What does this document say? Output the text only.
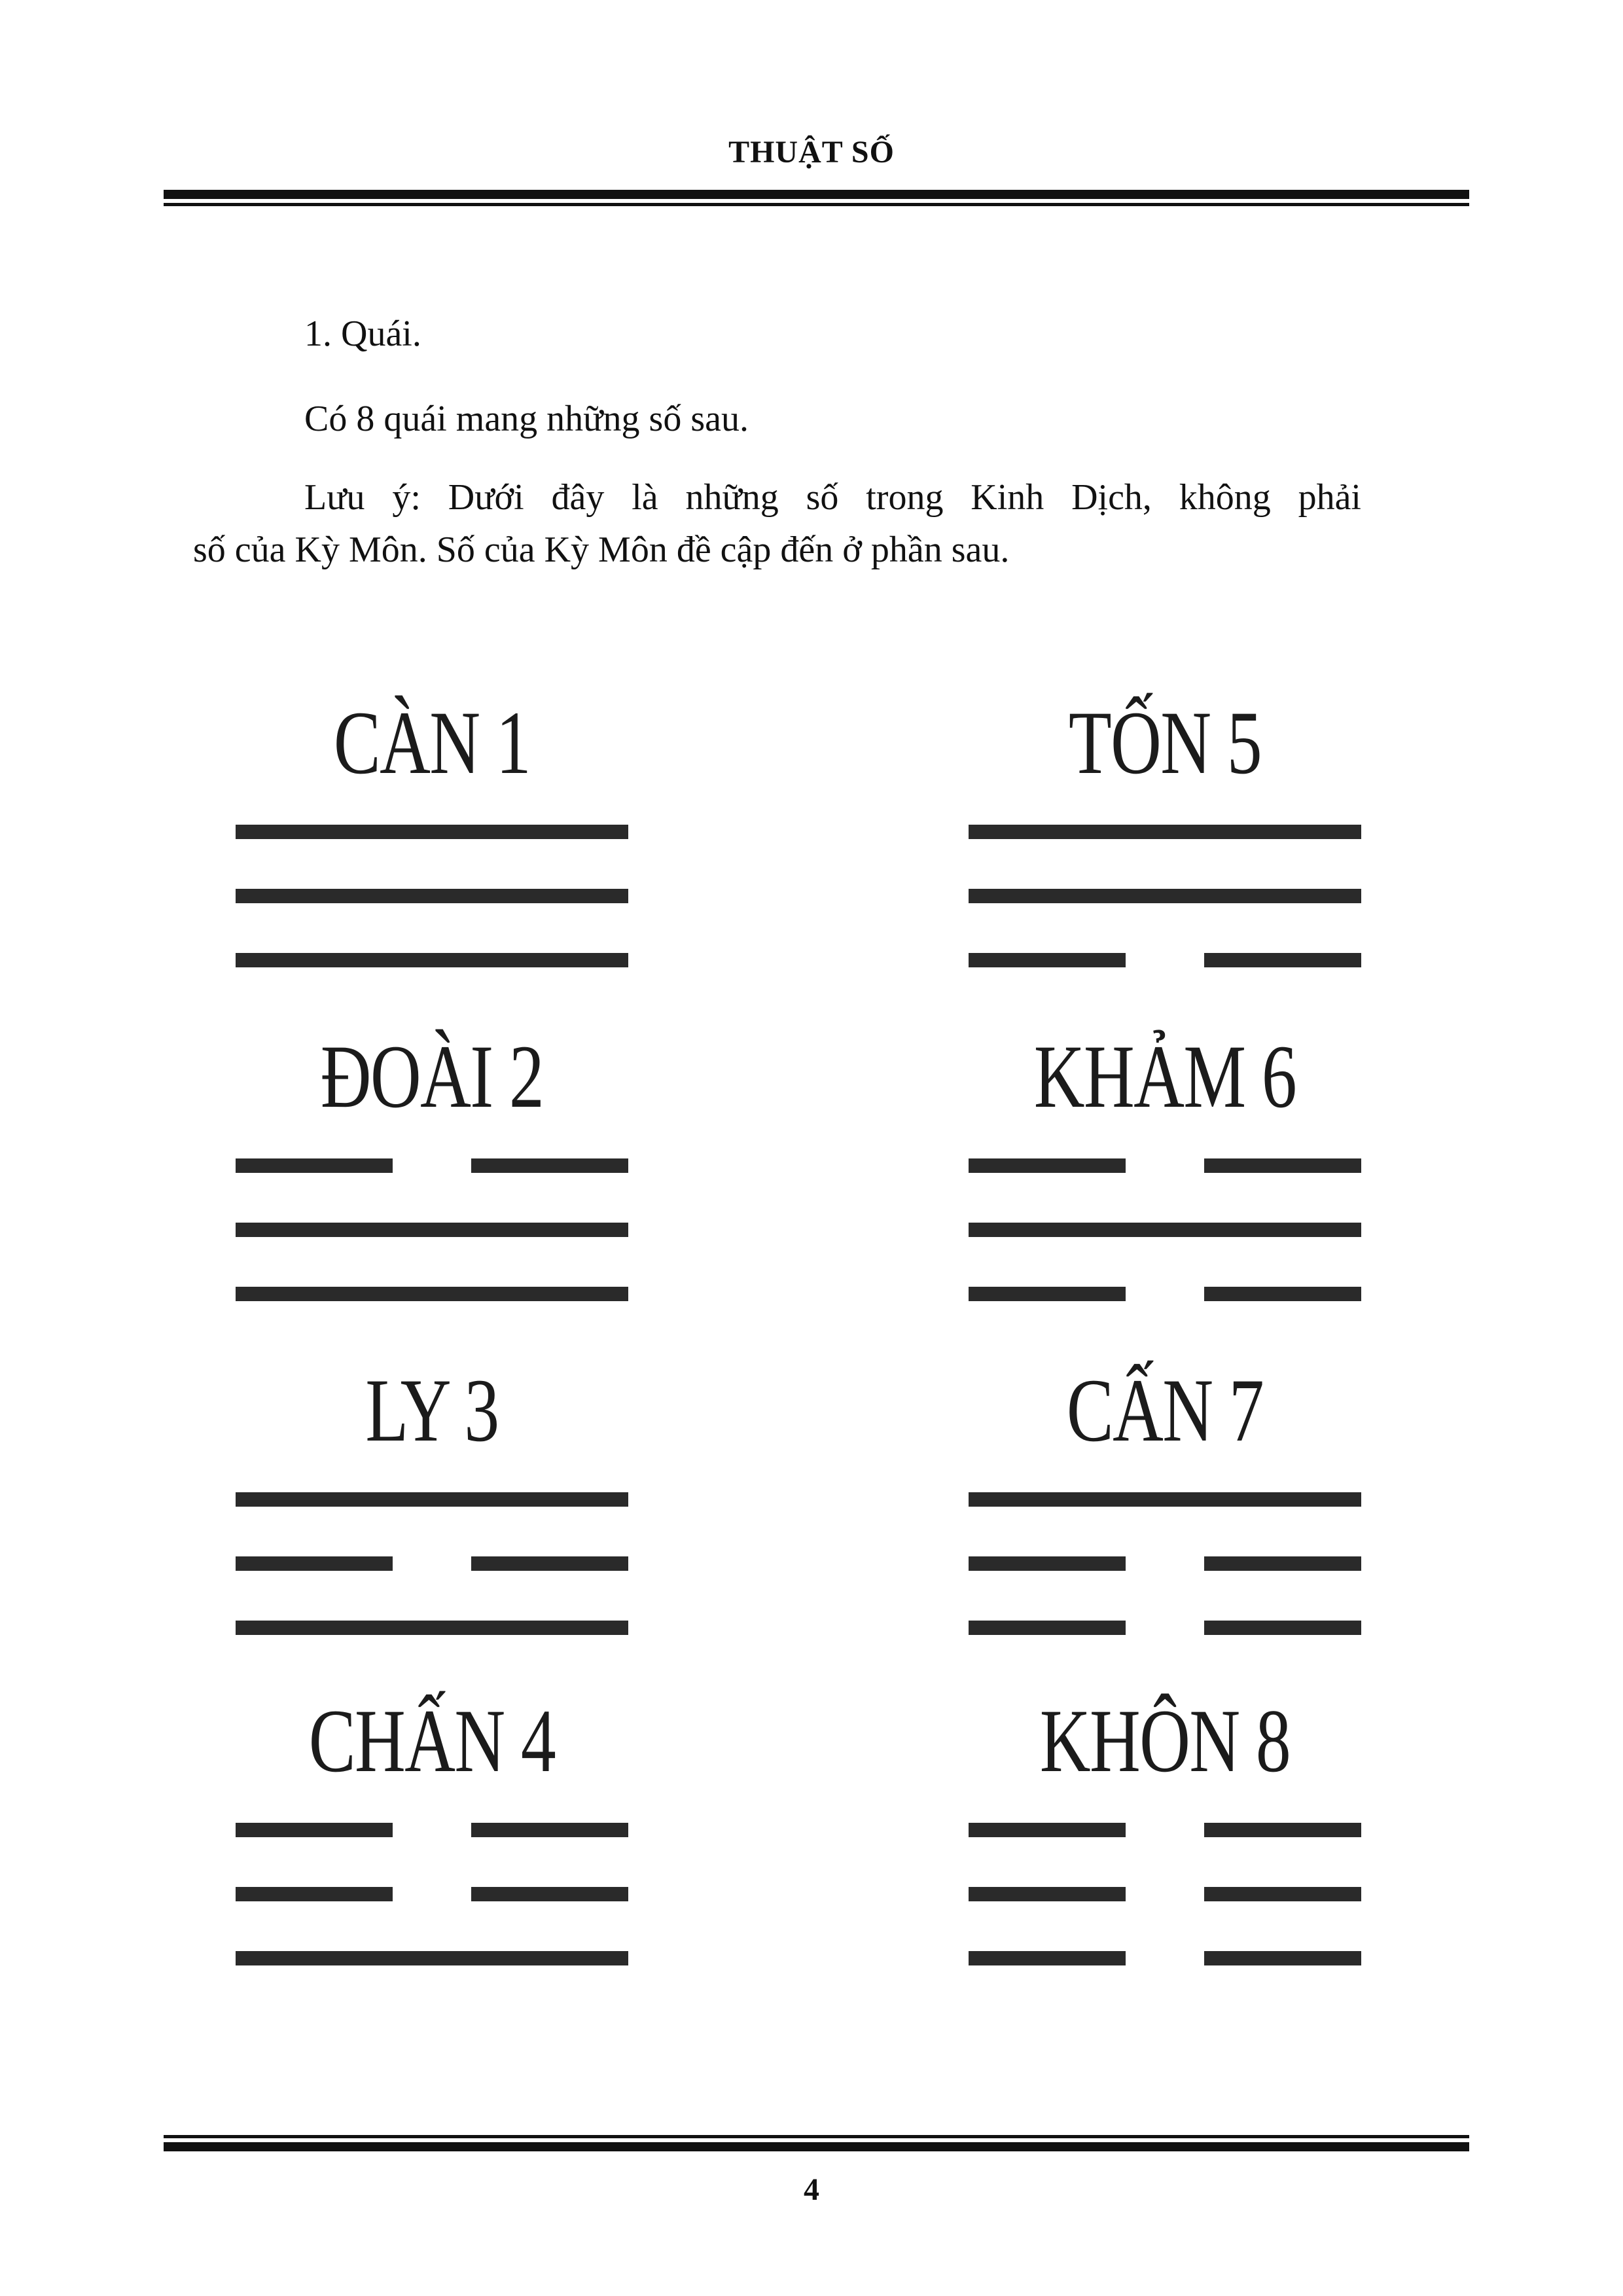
THUẬT SỐ
1. Quái.
Có 8 quái mang những số sau.
Lưu ý: Dưới đây là những số trong Kinh Dịch, không phải
số của Kỳ Môn. Số của Kỳ Môn đề cập đến ở phần sau.
CÀN 1	TỐN 5
ĐOÀI 2	KHẢM 6
LY 3	CẤN 7
CHẤN 4	KHÔN 8
4
